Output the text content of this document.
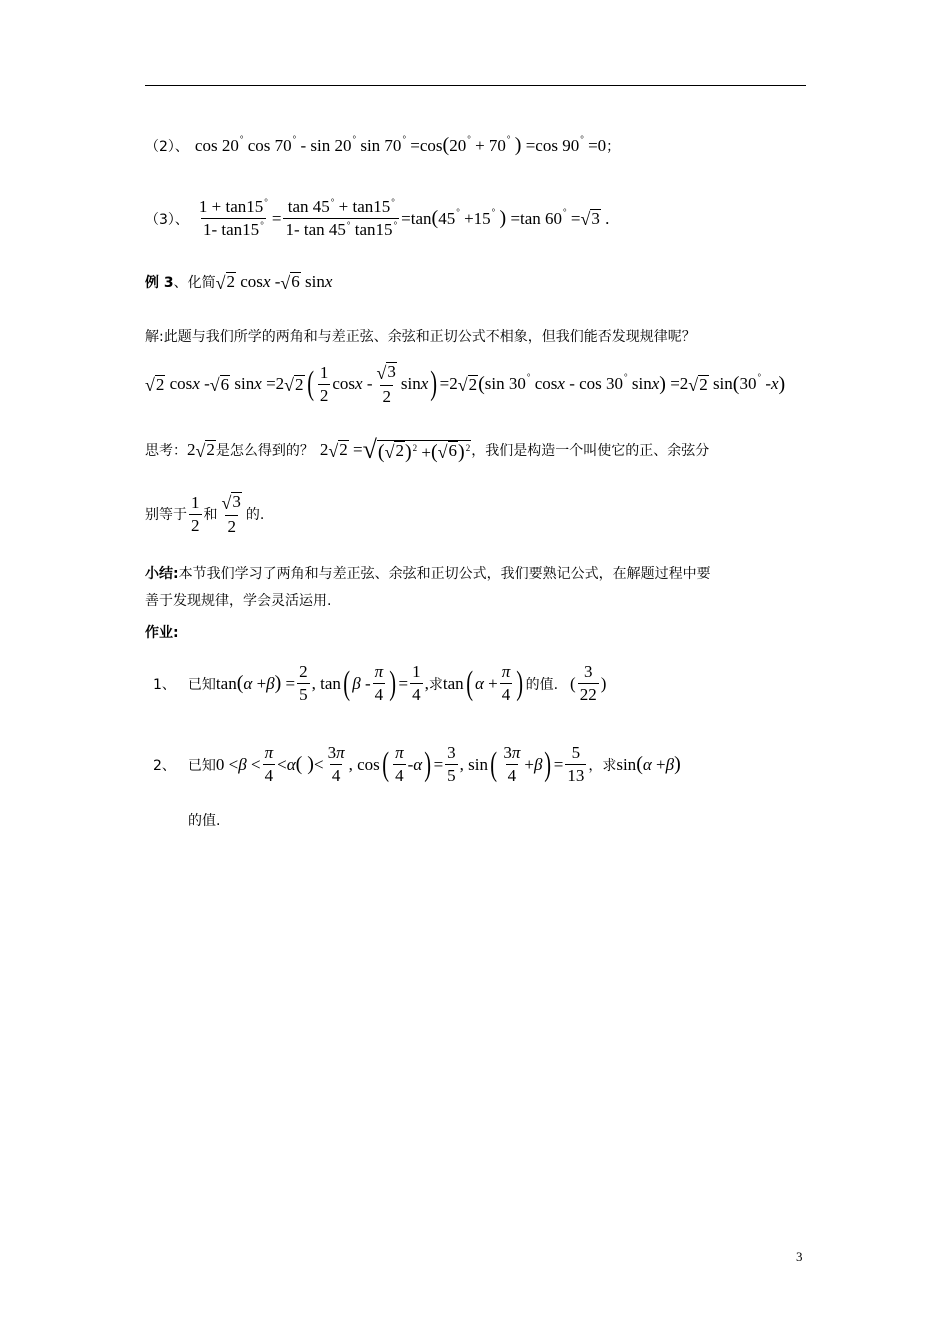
（2）、 cos 20 ° cos 70 ° - sin 20 ° sin 70 ° =cos ( 20 ° + 70 °
) =cos 90 ° =0 ；
（3）、 $\frac{1 + \tan 15^\circ}{1- \tan 15^\circ} = \frac{\tan 45^\circ + \tan 15^\circ}{1- \tan 45^\circ \tan 15^\circ} =\tan$ ( 45 ° +15 °
) =tan 60 ° = √ 3 .
例 3 、化简 √ 2 cos x - √ 6 sin x
解: 此题与我们所学的两角和与差正弦、余弦和正切公式不相象，但我们能否发现规律呢？
√ 2 cos x - √ 6 sin x =2 √ 2 ( $\frac{1}{2}$ cos x - $\frac{√ 3}{2}$ sin x ) =2 √ 2 ( sin 30 ° cos x - cos 30 ° sin x ) =2 √ 2 sin ( 30 ° - x )
思考： 2 √ 2 是怎么得到的？ 2 √ 2 = √ ( √ 2 )$^2$ +( √ 6 )$^2$ ，我们是构造一个叫使它的正、余弦分
别等于 $\frac{1}{2}$ 和 $\frac{√ 3}{2}$ 的.
小结: 本节我们学习了两角和与差正弦、余弦和正切公式，我们要熟记公式，在解题过程中要
善于发现规律，学会灵活运用.
作业:
1、 已知 tan ( α + β ) = $\frac{2}{5}$ , tan ( β - $\frac{\pi}{4}$ ) = $\frac{1}{4}$ , 求 tan ( $\alpha + \frac{\pi}{4}$ ) 的值. ( $\frac{3}{22}$ )
2、 已知 $0 < \beta < \frac{\pi}{4} < \alpha$ ( ) < $\frac{3\pi}{4}$ , cos ( $\frac{\pi}{4}$ - α ) = $\frac{3}{5}$ , sin ( $\frac{3\pi}{4} + \beta$ ) = $\frac{5}{13}$ ，求 sin ( α + β )
的值.
3
